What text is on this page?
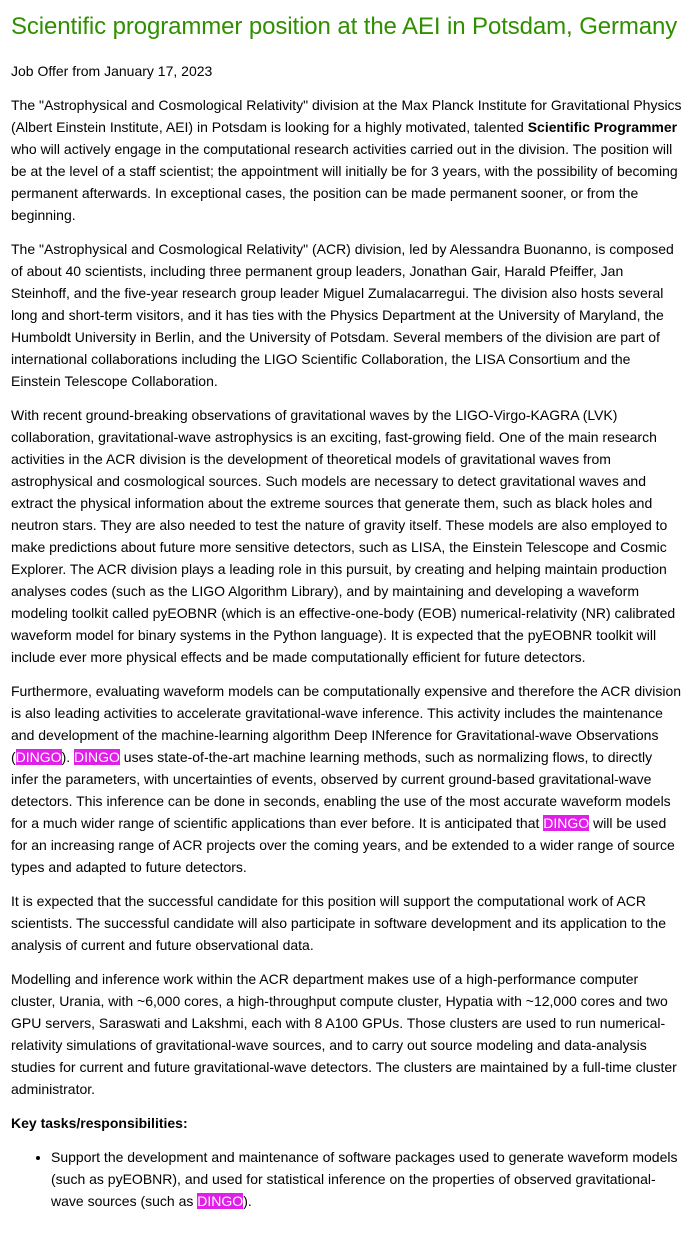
Scientific programmer position at the AEI in Potsdam, Germany

Job Offer from January 17, 2023

The "Astrophysical and Cosmological Relativity" division at the Max Planck Institute for Gravitational Physics (Albert Einstein Institute, AEI) in Potsdam is looking for a highly motivated, talented Scientific Programmer who will actively engage in the computational research activities carried out in the division. The position will be at the level of a staff scientist; the appointment will initially be for 3 years, with the possibility of becoming permanent afterwards. In exceptional cases, the position can be made permanent sooner, or from the beginning.

The "Astrophysical and Cosmological Relativity" (ACR) division, led by Alessandra Buonanno, is composed of about 40 scientists, including three permanent group leaders, Jonathan Gair, Harald Pfeiffer, Jan Steinhoff, and the five-year research group leader Miguel Zumalacarregui. The division also hosts several long and short-term visitors, and it has ties with the Physics Department at the University of Maryland, the Humboldt University in Berlin, and the University of Potsdam. Several members of the division are part of international collaborations including the LIGO Scientific Collaboration, the LISA Consortium and the Einstein Telescope Collaboration.

With recent ground-breaking observations of gravitational waves by the LIGO-Virgo-KAGRA (LVK) collaboration, gravitational-wave astrophysics is an exciting, fast-growing field. One of the main research activities in the ACR division is the development of theoretical models of gravitational waves from astrophysical and cosmological sources. Such models are necessary to detect gravitational waves and extract the physical information about the extreme sources that generate them, such as black holes and neutron stars. They are also needed to test the nature of gravity itself. These models are also employed to make predictions about future more sensitive detectors, such as LISA, the Einstein Telescope and Cosmic Explorer. The ACR division plays a leading role in this pursuit, by creating and helping maintain production analyses codes (such as the LIGO Algorithm Library), and by maintaining and developing a waveform modeling toolkit called pyEOBNR (which is an effective-one-body (EOB) numerical-relativity (NR) calibrated waveform model for binary systems in the Python language). It is expected that the pyEOBNR toolkit will include ever more physical effects and be made computationally efficient for future detectors.

Furthermore, evaluating waveform models can be computationally expensive and therefore the ACR division is also leading activities to accelerate gravitational-wave inference. This activity includes the maintenance and development of the machine-learning algorithm Deep INference for Gravitational-wave Observations (DINGO). DINGO uses state-of-the-art machine learning methods, such as normalizing flows, to directly infer the parameters, with uncertainties of events, observed by current ground-based gravitational-wave detectors. This inference can be done in seconds, enabling the use of the most accurate waveform models for a much wider range of scientific applications than ever before. It is anticipated that DINGO will be used for an increasing range of ACR projects over the coming years, and be extended to a wider range of source types and adapted to future detectors.

It is expected that the successful candidate for this position will support the computational work of ACR scientists. The successful candidate will also participate in software development and its application to the analysis of current and future observational data.

Modelling and inference work within the ACR department makes use of a high-performance computer cluster, Urania, with ~6,000 cores, a high-throughput compute cluster, Hypatia with ~12,000 cores and two GPU servers, Saraswati and Lakshmi, each with 8 A100 GPUs. Those clusters are used to run numerical-relativity simulations of gravitational-wave sources, and to carry out source modeling and data-analysis studies for current and future gravitational-wave detectors. The clusters are maintained by a full-time cluster administrator.

Key tasks/responsibilities:

• Support the development and maintenance of software packages used to generate waveform models (such as pyEOBNR), and used for statistical inference on the properties of observed gravitational-wave sources (such as DINGO).
